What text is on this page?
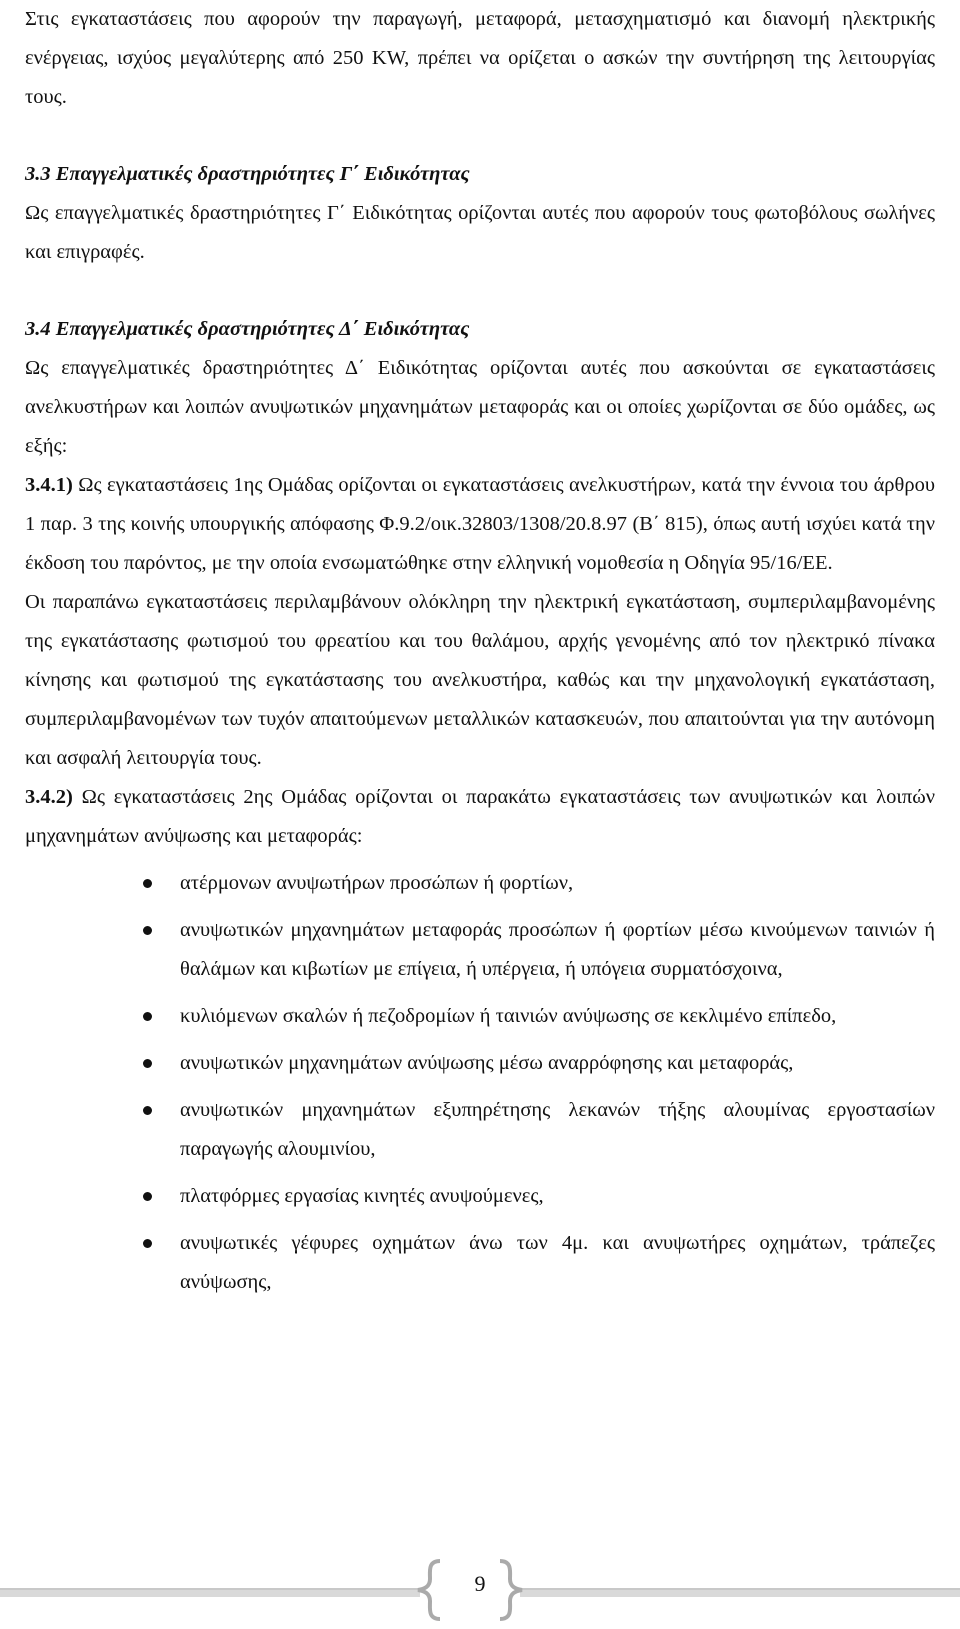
Στις εγκαταστάσεις που αφορούν την παραγωγή, μεταφορά, μετασχηματισμό και διανομή ηλεκτρικής ενέργειας, ισχύος μεγαλύτερης από 250 KW, πρέπει να ορίζεται ο ασκών την συντήρηση της λειτουργίας τους.

3.3 Επαγγελματικές δραστηριότητες Γ΄ Ειδικότητας

Ως επαγγελματικές δραστηριότητες Γ΄ Ειδικότητας ορίζονται αυτές που αφορούν τους φωτοβόλους σωλήνες και επιγραφές.

3.4 Επαγγελματικές δραστηριότητες Δ΄ Ειδικότητας

Ως επαγγελματικές δραστηριότητες Δ΄ Ειδικότητας ορίζονται αυτές που ασκούνται σε εγκαταστάσεις ανελκυστήρων και λοιπών ανυψωτικών μηχανημάτων μεταφοράς και οι οποίες χωρίζονται σε δύο ομάδες, ως εξής:

3.4.1) Ως εγκαταστάσεις 1ης Ομάδας ορίζονται οι εγκαταστάσεις ανελκυστήρων, κατά την έννοια του άρθρου 1 παρ. 3 της κοινής υπουργικής απόφασης Φ.9.2/οικ.32803/1308/20.8.97 (Β΄ 815), όπως αυτή ισχύει κατά την έκδοση του παρόντος, με την οποία ενσωματώθηκε στην ελληνική νομοθεσία η Οδηγία 95/16/ΕΕ.

Οι παραπάνω εγκαταστάσεις περιλαμβάνουν ολόκληρη την ηλεκτρική εγκατάσταση, συμπεριλαμβανομένης της εγκατάστασης φωτισμού του φρεατίου και του θαλάμου, αρχής γενομένης από τον ηλεκτρικό πίνακα κίνησης και φωτισμού της εγκατάστασης του ανελκυστήρα, καθώς και την μηχανολογική εγκατάσταση, συμπεριλαμβανομένων των τυχόν απαιτούμενων μεταλλικών κατασκευών, που απαιτούνται για την αυτόνομη και ασφαλή λειτουργία τους.

3.4.2) Ως εγκαταστάσεις 2ης Ομάδας ορίζονται οι παρακάτω εγκαταστάσεις των ανυψωτικών και λοιπών μηχανημάτων ανύψωσης και μεταφοράς:

ατέρμονων ανυψωτήρων προσώπων ή φορτίων,
ανυψωτικών μηχανημάτων μεταφοράς προσώπων ή φορτίων μέσω κινούμενων ταινιών ή θαλάμων και κιβωτίων με επίγεια, ή υπέργεια, ή υπόγεια συρματόσχοινα,
κυλιόμενων σκαλών ή πεζοδρομίων ή ταινιών ανύψωσης σε κεκλιμένο επίπεδο,
ανυψωτικών μηχανημάτων ανύψωσης μέσω αναρρόφησης και μεταφοράς,
ανυψωτικών μηχανημάτων εξυπηρέτησης λεκανών τήξης αλουμίνας εργοστασίων παραγωγής αλουμινίου,
πλατφόρμες εργασίας κινητές ανυψούμενες,
ανυψωτικές γέφυρες οχημάτων άνω των 4μ. και ανυψωτήρες οχημάτων, τράπεζες ανύψωσης,
9
